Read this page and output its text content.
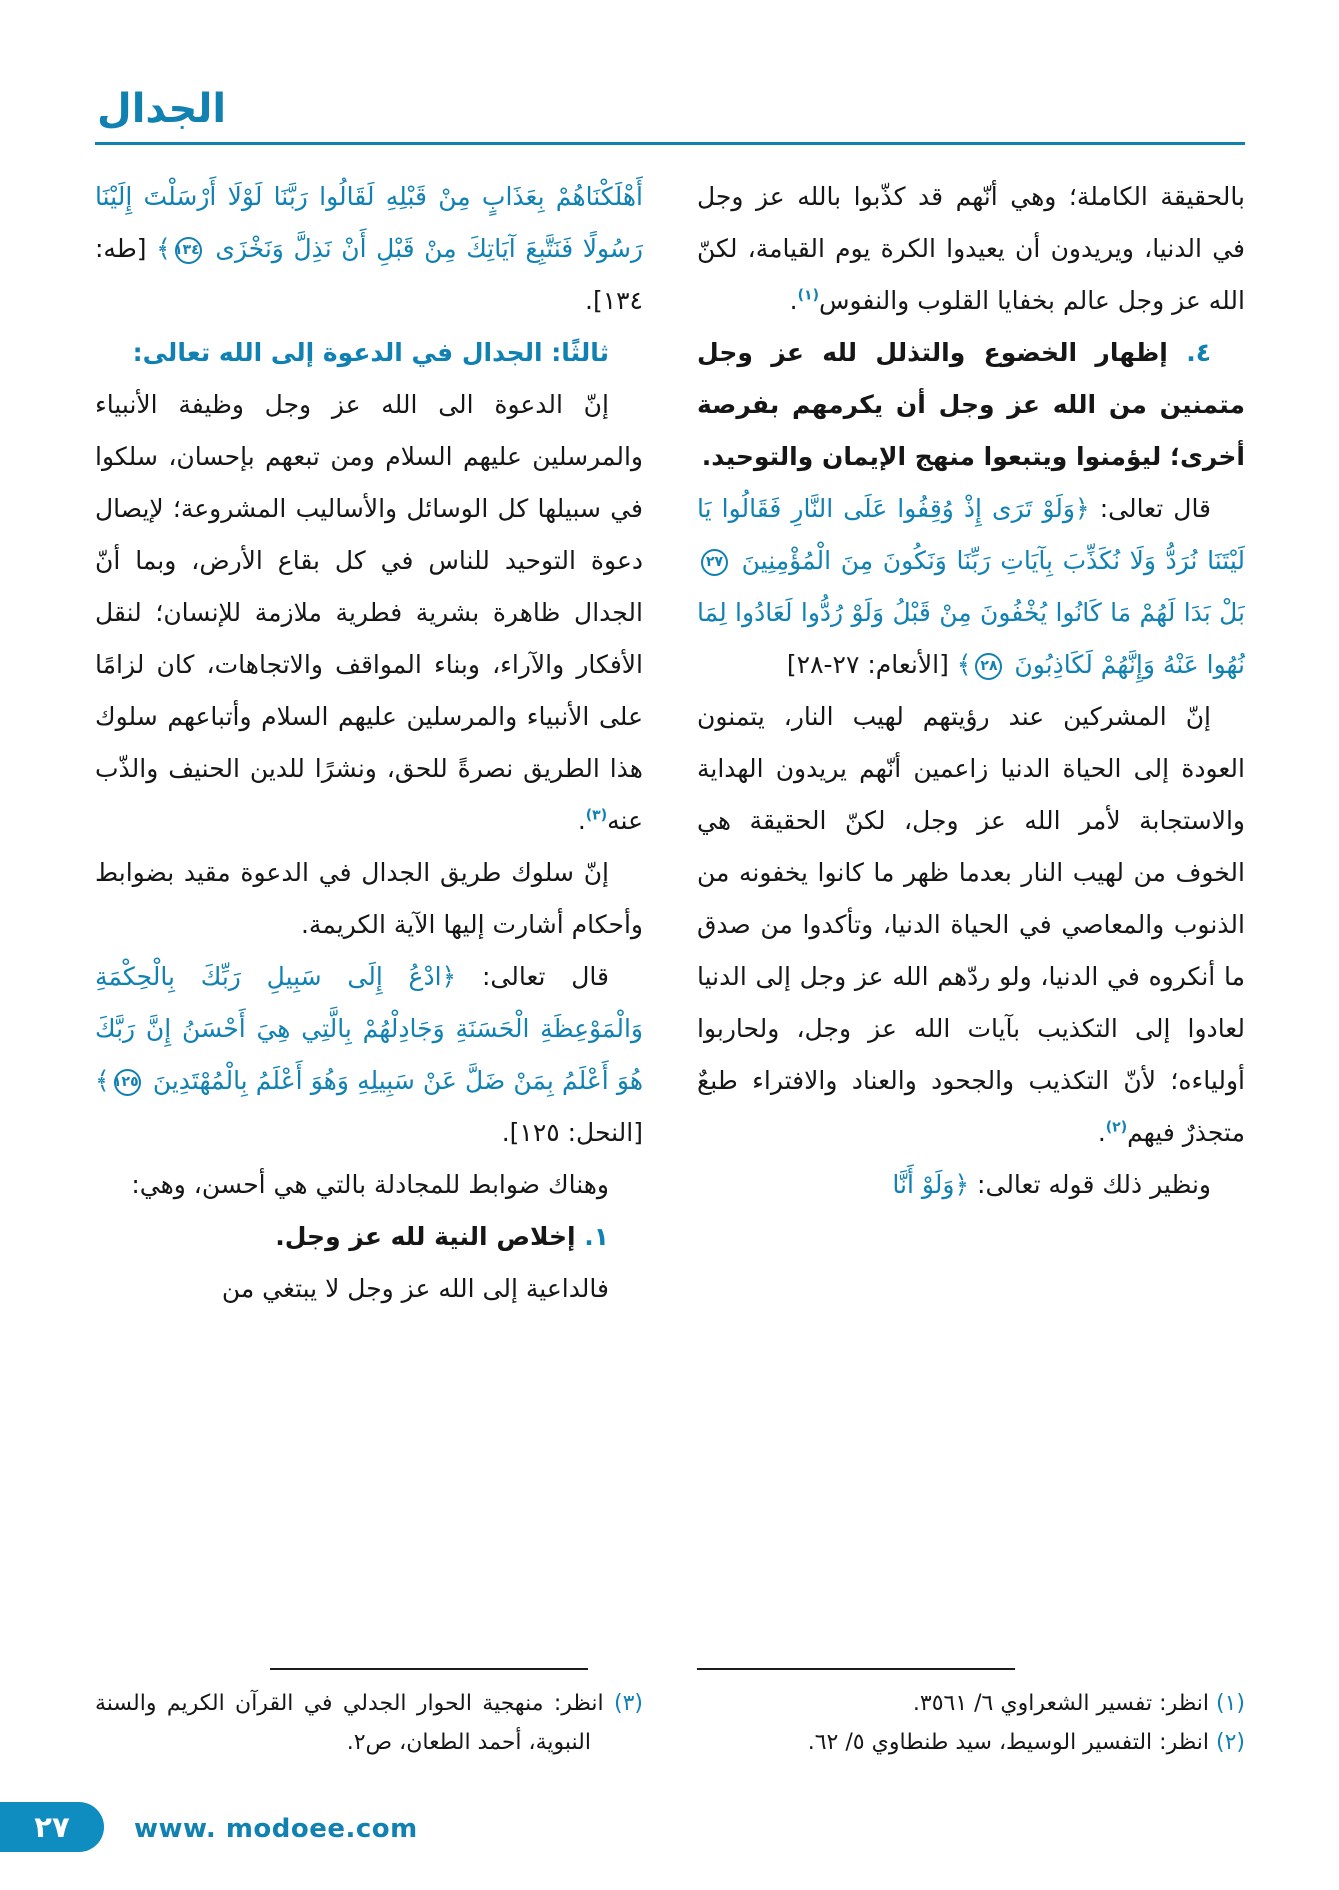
الجدال
بالحقيقة الكاملة؛ وهي أنّهم قد كذّبوا بالله عز وجل في الدنيا، ويريدون أن يعيدوا الكرة يوم القيامة، لكنّ الله عز وجل عالم بخفايا القلوب والنفوس$^{(١)}$.
٤. إظهار الخضوع والتذلل لله عز وجل متمنين من الله عز وجل أن يكرمهم بفرصة أخرى؛ ليؤمنوا ويتبعوا منهج الإيمان والتوحيد.
قال تعالى: ﴿وَلَوْ تَرَى إِذْ وُقِفُوا عَلَى النَّارِ فَقَالُوا يَا لَيْتَنَا نُرَدُّ وَلَا نُكَذِّبَ بِآيَاتِ رَبِّنَا وَنَكُونَ مِنَ الْمُؤْمِنِينَ ٢٧ بَلْ بَدَا لَهُمْ مَا كَانُوا يُخْفُونَ مِنْ قَبْلُ وَلَوْ رُدُّوا لَعَادُوا لِمَا نُهُوا عَنْهُ وَإِنَّهُمْ لَكَاذِبُونَ ٢٨﴾ [الأنعام: ٢٧-٢٨]
إنّ المشركين عند رؤيتهم لهيب النار، يتمنون العودة إلى الحياة الدنيا زاعمين أنّهم يريدون الهداية والاستجابة لأمر الله عز وجل، لكنّ الحقيقة هي الخوف من لهيب النار بعدما ظهر ما كانوا يخفونه من الذنوب والمعاصي في الحياة الدنيا، وتأكدوا من صدق ما أنكروه في الدنيا، ولو ردّهم الله عز وجل إلى الدنيا لعادوا إلى التكذيب بآيات الله عز وجل، ولحاربوا أولياءه؛ لأنّ التكذيب والجحود والعناد والافتراء طبعٌ متجذرٌ فيهم$^{(٢)}$.
ونظير ذلك قوله تعالى: ﴿وَلَوْ أَنَّا
(١) انظر: تفسير الشعراوي ٦/ ٣٥٦١.
(٢) انظر: التفسير الوسيط، سيد طنطاوي ٥/ ٦٢.
أَهْلَكْنَاهُمْ بِعَذَابٍ مِنْ قَبْلِهِ لَقَالُوا رَبَّنَا لَوْلَا أَرْسَلْتَ إِلَيْنَا رَسُولًا فَنَتَّبِعَ آيَاتِكَ مِنْ قَبْلِ أَنْ نَذِلَّ وَنَخْزَى ١٣٤﴾ [طه: ١٣٤].
ثالثًا: الجدال في الدعوة إلى الله تعالى:
إنّ الدعوة الى الله عز وجل وظيفة الأنبياء والمرسلين عليهم السلام ومن تبعهم بإحسان، سلكوا في سبيلها كل الوسائل والأساليب المشروعة؛ لإيصال دعوة التوحيد للناس في كل بقاع الأرض، وبما أنّ الجدال ظاهرة بشرية فطرية ملازمة للإنسان؛ لنقل الأفكار والآراء، وبناء المواقف والاتجاهات، كان لزامًا على الأنبياء والمرسلين عليهم السلام وأتباعهم سلوك هذا الطريق نصرةً للحق، ونشرًا للدين الحنيف والذّب عنه$^{(٣)}$.
إنّ سلوك طريق الجدال في الدعوة مقيد بضوابط وأحكام أشارت إليها الآية الكريمة.
قال تعالى: ﴿ادْعُ إِلَى سَبِيلِ رَبِّكَ بِالْحِكْمَةِ وَالْمَوْعِظَةِ الْحَسَنَةِ وَجَادِلْهُمْ بِالَّتِي هِيَ أَحْسَنُ إِنَّ رَبَّكَ هُوَ أَعْلَمُ بِمَنْ ضَلَّ عَنْ سَبِيلِهِ وَهُوَ أَعْلَمُ بِالْمُهْتَدِينَ ١٢٥﴾ [النحل: ١٢٥].
وهناك ضوابط للمجادلة بالتي هي أحسن، وهي:
١. إخلاص النية لله عز وجل.
فالداعية إلى الله عز وجل لا يبتغي من
(٣) انظر: منهجية الحوار الجدلي في القرآن الكريم والسنة النبوية، أحمد الطعان، ص٢.
٢٧	www. modoee.com
